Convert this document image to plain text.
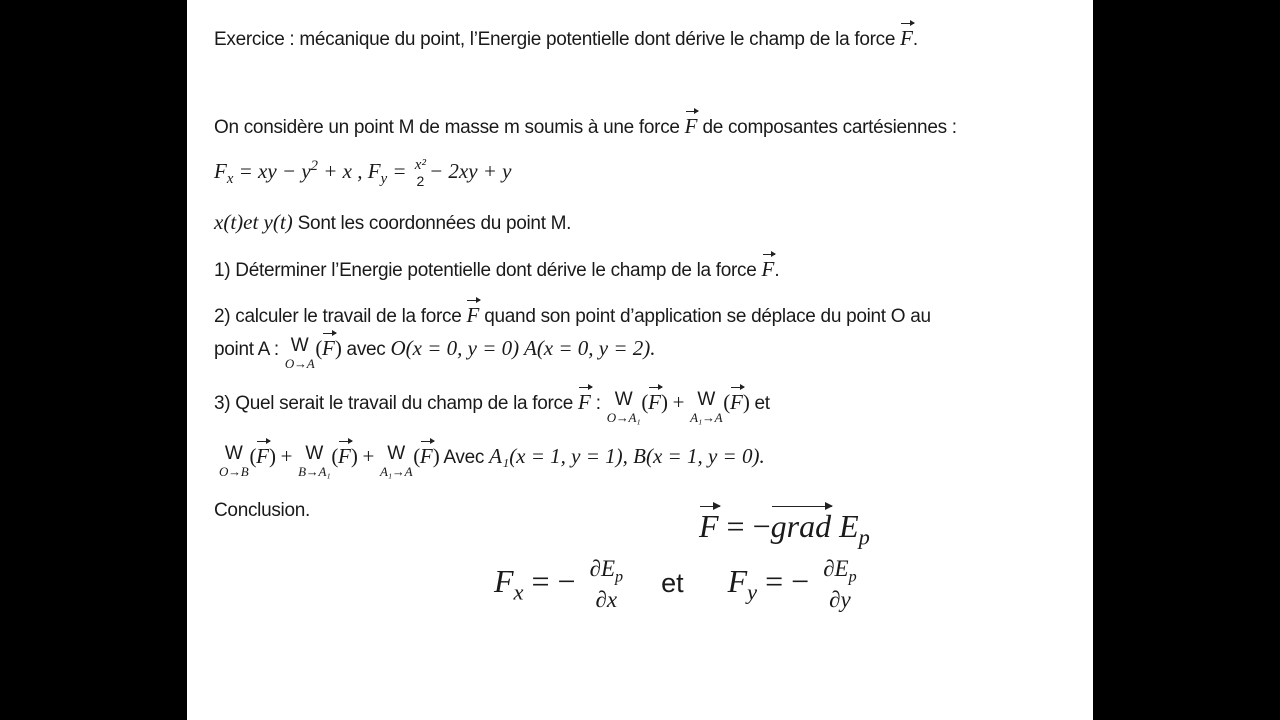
Exercice : mécanique du point, l’Energie potentielle dont dérive le champ de la force F.
On considère un point M de masse m soumis à une force F de composantes cartésiennes :
$F_x$ = xy − $y^2 + x$ , $F_y = x^2$
2 − 2xy + y
x(t)et y(t) Sont les coordonnées du point M.
1) Déterminer l’Energie potentielle dont dérive le champ de la force F.
2) calculer le travail de la force F quand son point d’application se déplace du point O au
point A : W
O→A
(F) avec O(x = 0, y = 0) A(x = 0, y = 2).
3) Quel serait le travail du champ de la force F : W
O→A₁
(F) + W
A₁→A
(F) et
W
O→B
(F) + W
B→A₁
(F) + W
A₁→A
(F) Avec A₁(x = 1, y = 1), B(x = 1, y = 0).
Conclusion.	F = −grad $E_p$
$F_x$ = − $\partial E_p$
∂x
et $F_y$ = − $\partial E_p$
∂y
